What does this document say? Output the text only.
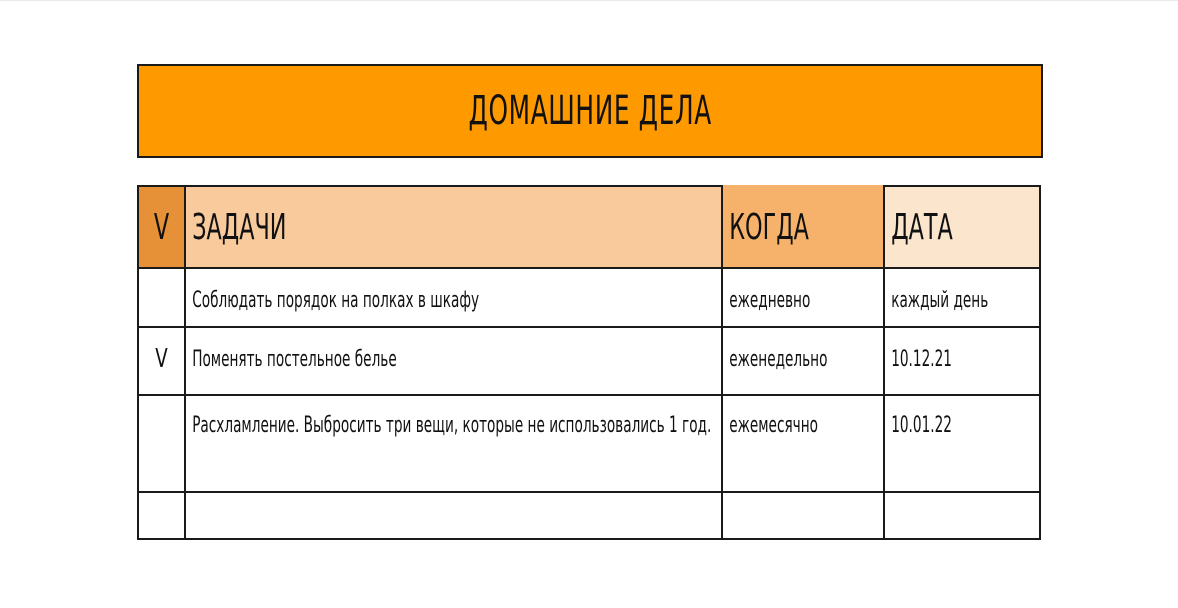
ДОМАШНИЕ ДЕЛА
V	ЗАДАЧИ	КОГДА	ДАТА

	Соблюдать порядок на полках в шкафу	ежедневно	каждый день

V	Поменять постельное белье	еженедельно	10.12.21

	Расхламление. Выбросить три вещи, которые не использовались 1 год.	ежемесячно	10.01.22
